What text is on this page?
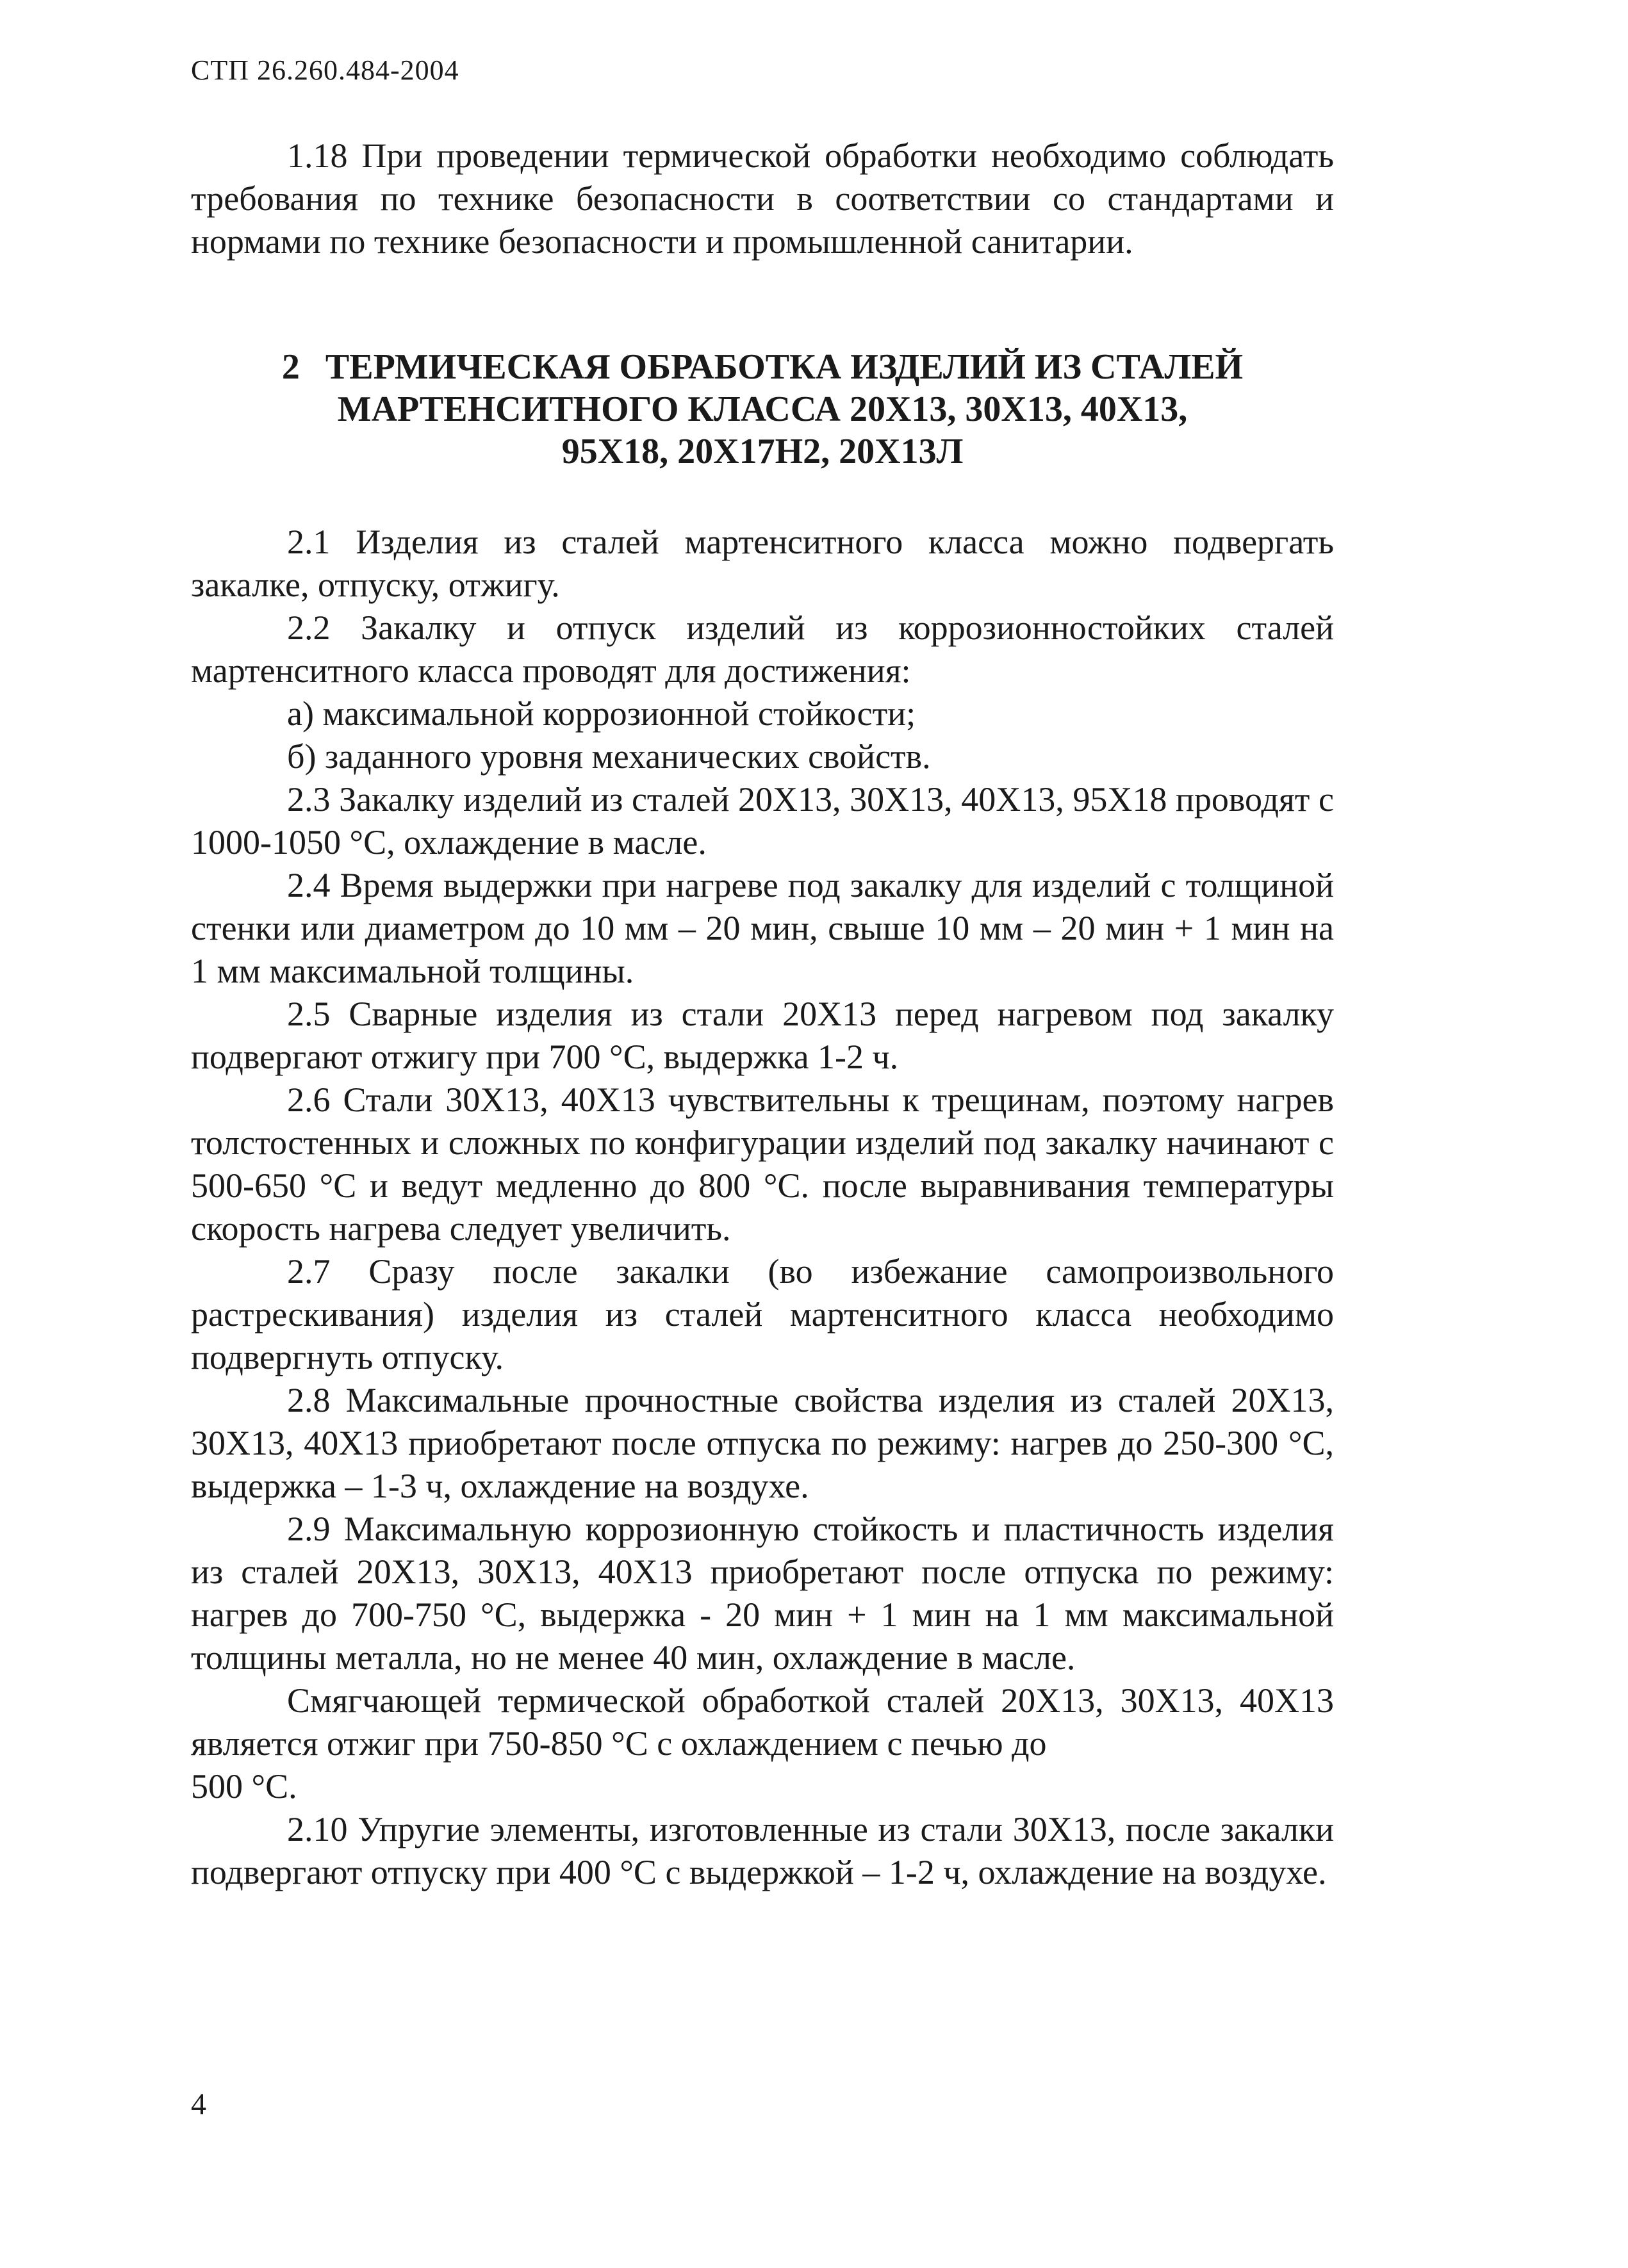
СТП 26.260.484-2004

1.18 При проведении термической обработки необходимо соблюдать требования по технике безопасности в соответствии со стандартами и нормами по технике безопасности и промышленной санитарии.

2 ТЕРМИЧЕСКАЯ ОБРАБОТКА ИЗДЕЛИЙ ИЗ СТАЛЕЙ
МАРТЕНСИТНОГО КЛАССА 20Х13, 30Х13, 40Х13,
95Х18, 20Х17Н2, 20Х13Л

2.1 Изделия из сталей мартенситного класса можно подвергать закалке, отпуску, отжигу.

2.2 Закалку и отпуск изделий из коррозионностойких сталей мартенситного класса проводят для достижения:

а) максимальной коррозионной стойкости;

б) заданного уровня механических свойств.

2.3 Закалку изделий из сталей 20Х13, 30Х13, 40Х13, 95Х18 проводят с 1000-1050 °С, охлаждение в масле.

2.4 Время выдержки при нагреве под закалку для изделий с толщиной стенки или диаметром до 10 мм – 20 мин, свыше 10 мм – 20 мин + 1 мин на 1 мм максимальной толщины.

2.5 Сварные изделия из стали 20Х13 перед нагревом под закалку подвергают отжигу при 700 °С, выдержка 1-2 ч.

2.6 Стали 30Х13, 40Х13 чувствительны к трещинам, поэтому нагрев толстостенных и сложных по конфигурации изделий под закалку начинают с 500-650 °С и ведут медленно до 800 °С. после выравнивания температуры скорость нагрева следует увеличить.

2.7 Сразу после закалки (во избежание самопроизвольного растрескивания) изделия из сталей мартенситного класса необходимо подвергнуть отпуску.

2.8 Максимальные прочностные свойства изделия из сталей 20Х13, 30Х13, 40Х13 приобретают после отпуска по режиму: нагрев до 250-300 °С, выдержка – 1-3 ч, охлаждение на воздухе.

2.9 Максимальную коррозионную стойкость и пластичность изделия из сталей 20Х13, 30Х13, 40Х13 приобретают после отпуска по режиму: нагрев до 700-750 °С, выдержка - 20 мин + 1 мин на 1 мм максимальной толщины металла, но не менее 40 мин, охлаждение в масле.

Смягчающей термической обработкой сталей 20Х13, 30Х13, 40Х13 является отжиг при 750-850 °С с охлаждением с печью до

500 °С.

2.10 Упругие элементы, изготовленные из стали 30Х13, после закалки подвергают отпуску при 400 °С с выдержкой – 1-2 ч, охлаждение на воздухе.

4
